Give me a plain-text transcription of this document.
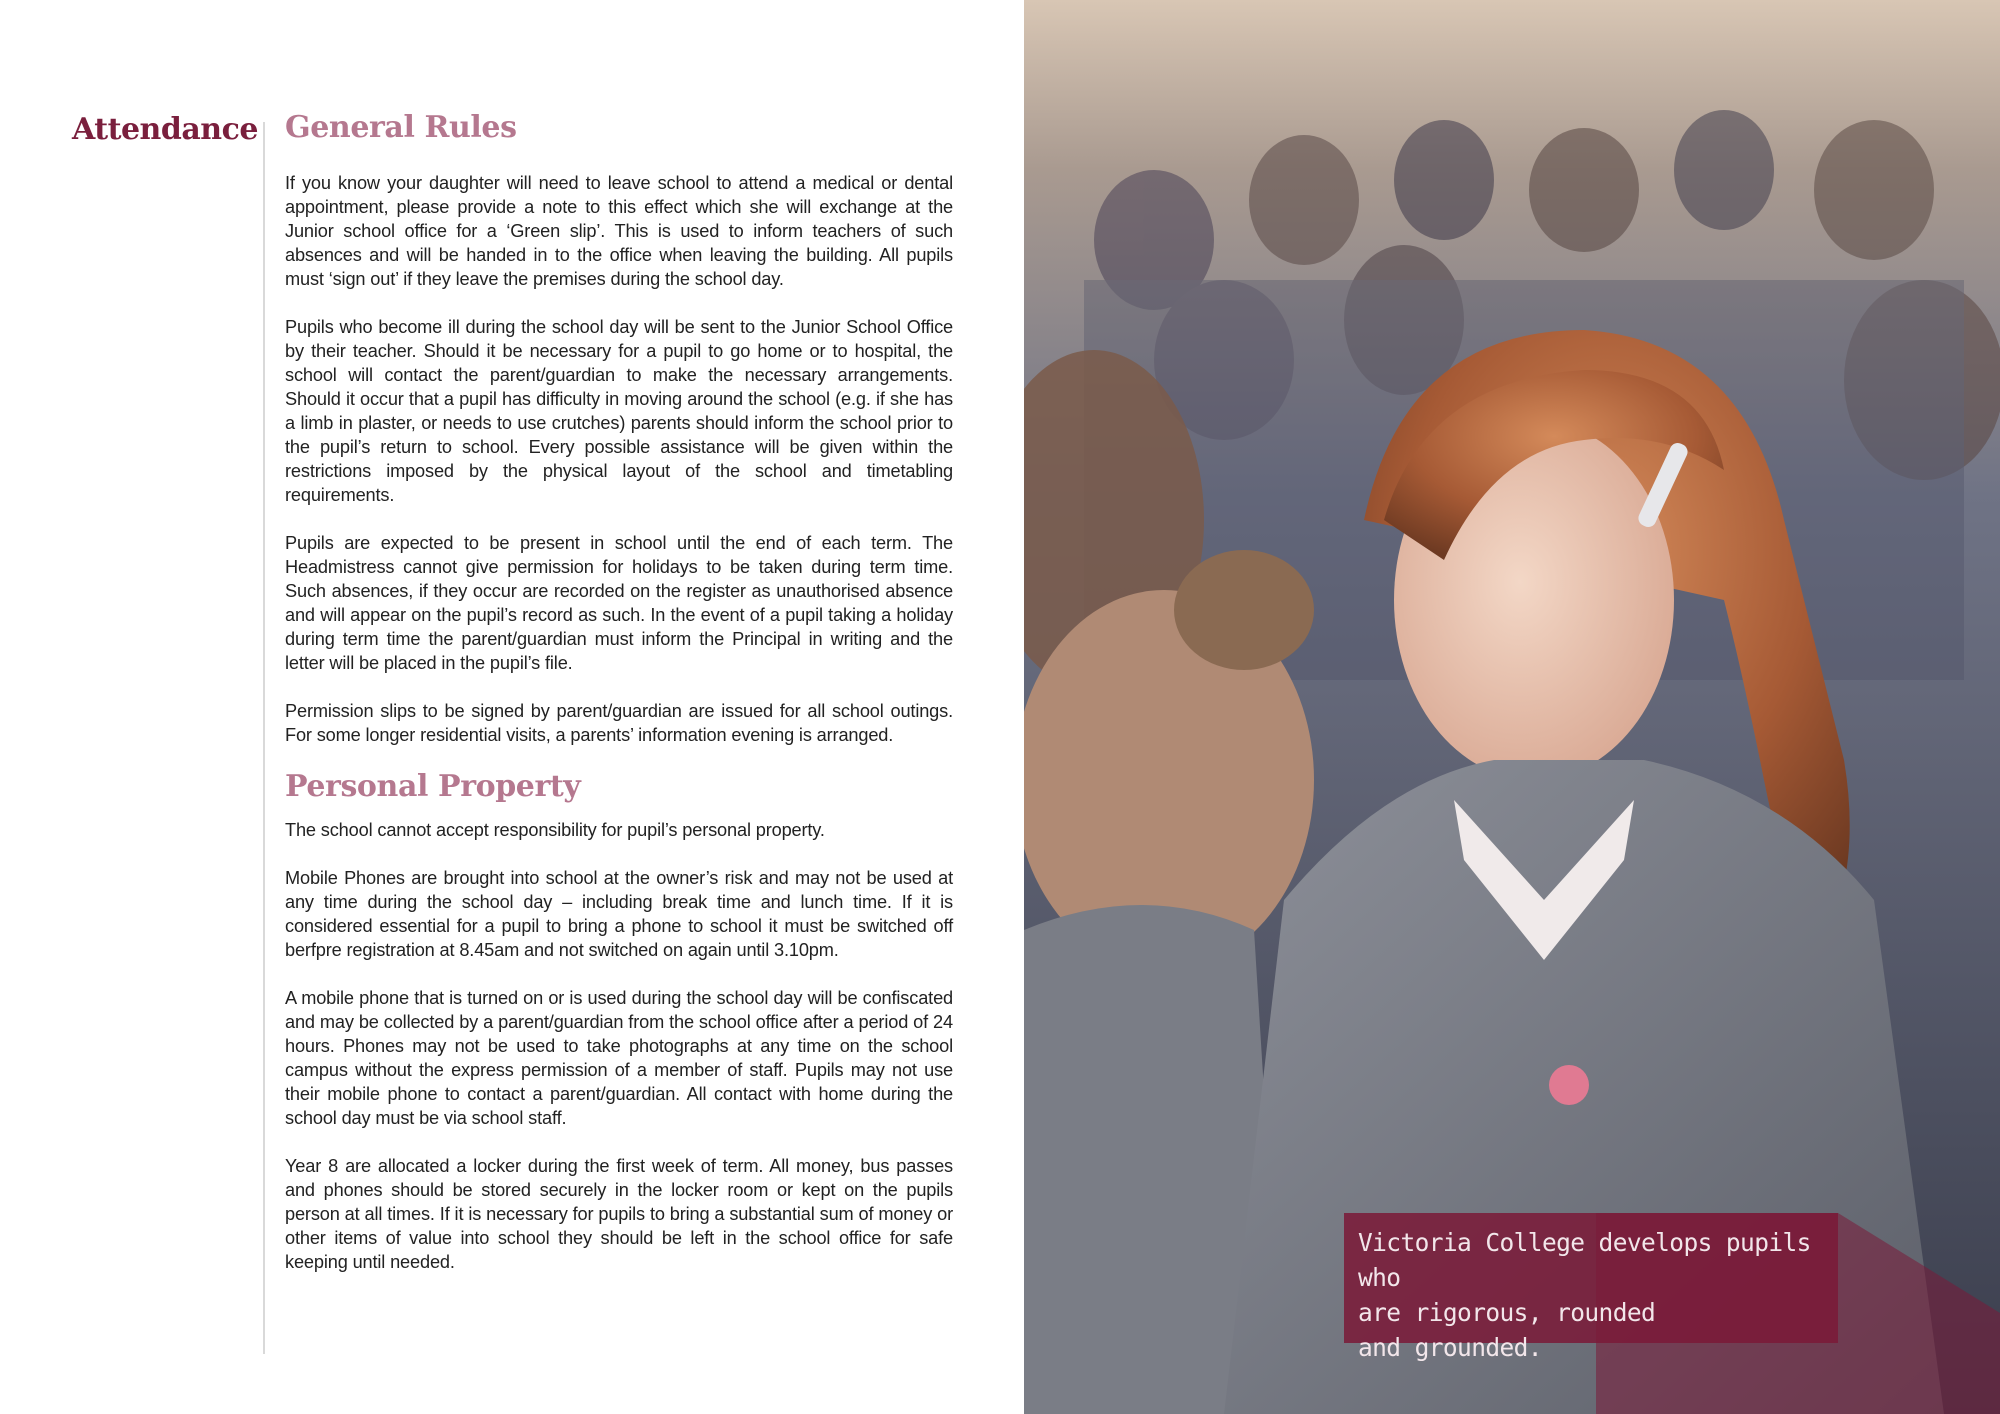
Attendance General Rules

If you know your daughter will need to leave school to attend a medical or dental appointment, please provide a note to this effect which she will exchange at the Junior school office for a ‘Green slip’. This is used to inform teachers of such absences and will be handed in to the office when leaving the building. All pupils must ‘sign out’ if they leave the premises during the school day.

Pupils who become ill during the school day will be sent to the Junior School Office by their teacher. Should it be necessary for a pupil to go home or to hospital, the school will contact the parent/guardian to make the necessary arrangements. Should it occur that a pupil has difficulty in moving around the school (e.g. if she has a limb in plaster, or needs to use crutches) parents should inform the school prior to the pupil’s return to school. Every possible assistance will be given within the restrictions imposed by the physical layout of the school and timetabling requirements.

Pupils are expected to be present in school until the end of each term. The Headmistress cannot give permission for holidays to be taken during term time. Such absences, if they occur are recorded on the register as unauthorised absence and will appear on the pupil’s record as such. In the event of a pupil taking a holiday during term time the parent/guardian must inform the Principal in writing and the letter will be placed in the pupil’s file.

Permission slips to be signed by parent/guardian are issued for all school outings. For some longer residential visits, a parents’ information evening is arranged.

Personal Property

The school cannot accept responsibility for pupil’s personal property.

Mobile Phones are brought into school at the owner’s risk and may not be used at any time during the school day – including break time and lunch time. If it is considered essential for a pupil to bring a phone to school it must be switched off berfpre registration at 8.45am and not switched on again until 3.10pm.

A mobile phone that is turned on or is used during the school day will be confiscated and may be collected by a parent/guardian from the school office after a period of 24 hours. Phones may not be used to take photographs at any time on the school campus without the express permission of a member of staff. Pupils may not use their mobile phone to contact a parent/guardian. All contact with home during the school day must be via school staff.

Year 8 are allocated a locker during the first week of term. All money, bus passes and phones should be stored securely in the locker room or kept on the pupils person at all times. If it is necessary for pupils to bring a substantial sum of money or other items of value into school they should be left in the school office for safe keeping until needed.

Victoria College develops pupils who
are rigorous, rounded
and grounded.
